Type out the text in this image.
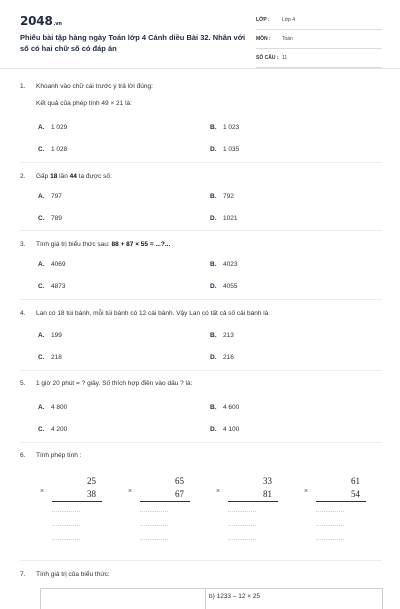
2048.vn
Phiếu bài tập hàng ngày Toán lớp 4 Cánh diều Bài 32. Nhân với số có hai chữ số có đáp án
LỚP : Lớp 4
MÔN : Toán
SỐ CÂU : 11
1.	Khoanh vào chữ cái trước ý trả lời đúng:
Kết quả của phép tính 49 × 21 là:
A. 1 029	B. 1 023
C. 1 028	D. 1 035
2.	Gấp 18 lần 44 ta được số:
A. 797	B. 792
C. 789	D. 1021
3.	Tính giá trị biểu thức sau: 88 + 87 × 55 = ...?...
A. 4069	B. 4023
C. 4873	D. 4055
4.	Lan có 18 túi bánh, mỗi túi bánh có 12 cái bánh. Vậy Lan có tất cả số cái bánh là
A. 199	B. 213
C. 218	D. 216
5.	1 giờ 20 phút = ? giây. Số thích hợp điền vào dấu ? là:
A. 4 800	B. 4 600
C. 4 200	D. 4 100
6.	Tính phép tính :
×
25
38
...............
...............
...............
×
65
67
...............
...............
...............
×
33
81
...............
...............
...............
×
61
54
...............
...............
...............
7.	Tính giá trị của biểu thức:
b) 1233 – 12 × 25
